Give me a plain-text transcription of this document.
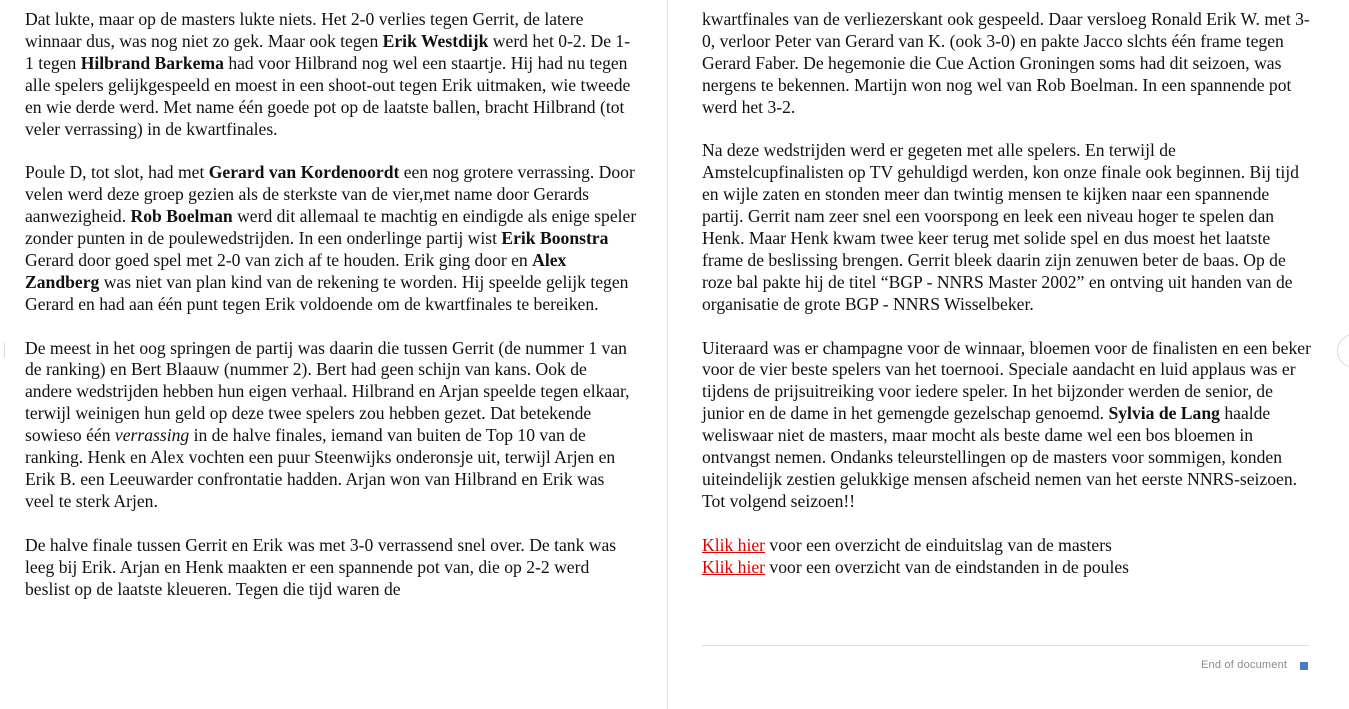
Dat lukte, maar op de masters lukte niets. Het 2-0 verlies tegen Gerrit, de latere winnaar dus, was nog niet zo gek. Maar ook tegen Erik Westdijk werd het 0-2. De 1-1 tegen Hilbrand Barkema had voor Hilbrand nog wel een staartje. Hij had nu tegen alle spelers gelijkgespeeld en moest in een shoot-out tegen Erik uitmaken, wie tweede en wie derde werd. Met name één goede pot op de laatste ballen, bracht Hilbrand (tot veler verrassing) in de kwartfinales.

Poule D, tot slot, had met Gerard van Kordenoordt een nog grotere verrassing. Door velen werd deze groep gezien als de sterkste van de vier,met name door Gerards aanwezigheid. Rob Boelman werd dit allemaal te machtig en eindigde als enige speler zonder punten in de poulewedstrijden. In een onderlinge partij wist Erik Boonstra Gerard door goed spel met 2-0 van zich af te houden. Erik ging door en Alex Zandberg was niet van plan kind van de rekening te worden. Hij speelde gelijk tegen Gerard en had aan één punt tegen Erik voldoende om de kwartfinales te bereiken.

De meest in het oog springen de partij was daarin die tussen Gerrit (de nummer 1 van de ranking) en Bert Blaauw (nummer 2). Bert had geen schijn van kans. Ook de andere wedstrijden hebben hun eigen verhaal. Hilbrand en Arjan speelde tegen elkaar, terwijl weinigen hun geld op deze twee spelers zou hebben gezet. Dat betekende sowieso één verrassing in de halve finales, iemand van buiten de Top 10 van de ranking. Henk en Alex vochten een puur Steenwijks onderonsje uit, terwijl Arjen en Erik B. een Leeuwarder confrontatie hadden. Arjan won van Hilbrand en Erik was veel te sterk Arjen.

De halve finale tussen Gerrit en Erik was met 3-0 verrassend snel over. De tank was leeg bij Erik. Arjan en Henk maakten er een spannende pot van, die op 2-2 werd beslist op de laatste kleueren. Tegen die tijd waren de

kwartfinales van de verliezerskant ook gespeeld. Daar versloeg Ronald Erik W. met 3-0, verloor Peter van Gerard van K. (ook 3-0) en pakte Jacco slchts één frame tegen Gerard Faber. De hegemonie die Cue Action Groningen soms had dit seizoen, was nergens te bekennen. Martijn won nog wel van Rob Boelman. In een spannende pot werd het 3-2.

Na deze wedstrijden werd er gegeten met alle spelers. En terwijl de Amstelcupfinalisten op TV gehuldigd werden, kon onze finale ook beginnen. Bij tijd en wijle zaten en stonden meer dan twintig mensen te kijken naar een spannende partij. Gerrit nam zeer snel een voorspong en leek een niveau hoger te spelen dan Henk. Maar Henk kwam twee keer terug met solide spel en dus moest het laatste frame de beslissing brengen. Gerrit bleek daarin zijn zenuwen beter de baas. Op de roze bal pakte hij de titel “BGP - NNRS Master 2002” en ontving uit handen van de organisatie de grote BGP - NNRS Wisselbeker.

Uiteraard was er champagne voor de winnaar, bloemen voor de finalisten en een beker voor de vier beste spelers van het toernooi. Speciale aandacht en luid applaus was er tijdens de prijsuitreiking voor iedere speler. In het bijzonder werden de senior, de junior en de dame in het gemengde gezelschap genoemd. Sylvia de Lang haalde weliswaar niet de masters, maar mocht als beste dame wel een bos bloemen in ontvangst nemen. Ondanks teleurstellingen op de masters voor sommigen, konden uiteindelijk zestien gelukkige mensen afscheid nemen van het eerste NNRS-seizoen. Tot volgend seizoen!!

Klik hier voor een overzicht de einduitslag van de masters

Klik hier voor een overzicht van de eindstanden in de poules

End of document
